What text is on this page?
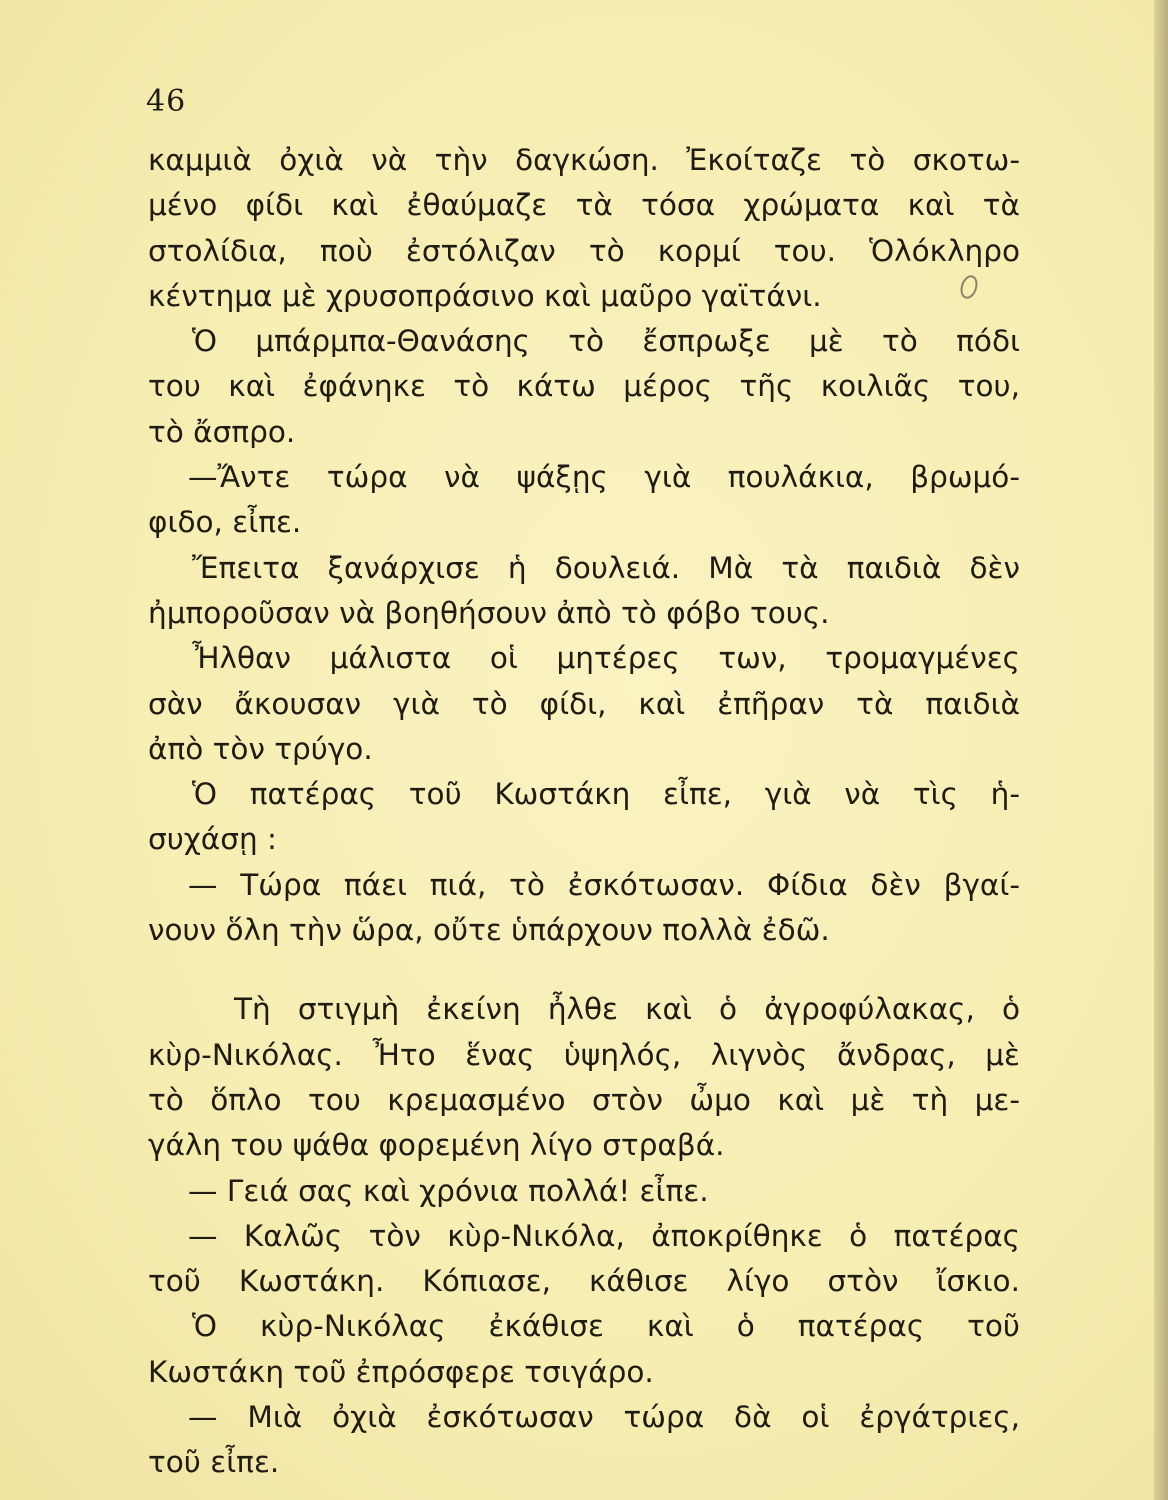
46
καμμιὰ ὀχιὰ νὰ τὴν δαγκώση. Ἐκοίταζε τὸ σκοτω-
μένο φίδι καὶ ἐθαύμαζε τὰ τόσα χρώματα καὶ τὰ
στολίδια, ποὺ ἐστόλιζαν τὸ κορμί του. Ὁλόκληρο
κέντημα μὲ χρυσοπράσινο καὶ μαῦρο γαϊτάνι.
Ὁ μπάρμπα-Θανάσης τὸ ἔσπρωξε μὲ τὸ πόδι
του καὶ ἐφάνηκε τὸ κάτω μέρος τῆς κοιλιᾶς του,
τὸ ἄσπρο.
—Ἄντε τώρα νὰ ψάξῃς γιὰ πουλάκια, βρωμό-
φιδο, εἶπε.
Ἔπειτα ξανάρχισε ἡ δουλειά. Μὰ τὰ παιδιὰ δὲν
ἠμποροῦσαν νὰ βοηθήσουν ἀπὸ τὸ φόβο τους.
Ἦλθαν μάλιστα οἱ μητέρες των, τρομαγμένες
σὰν ἄκουσαν γιὰ τὸ φίδι, καὶ ἐπῆραν τὰ παιδιὰ
ἀπὸ τὸν τρύγο.
Ὁ πατέρας τοῦ Κωστάκη εἶπε, γιὰ νὰ τὶς ἡ-
συχάσῃ :
— Τώρα πάει πιά, τὸ ἐσκότωσαν. Φίδια δὲν βγαί-
νουν ὅλη τὴν ὥρα, οὔτε ὑπάρχουν πολλὰ ἐδῶ.
Τὴ στιγμὴ ἐκείνη ἦλθε καὶ ὁ ἀγροφύλακας, ὁ
κὺρ-Νικόλας. Ἦτο ἕνας ὑψηλός, λιγνὸς ἄνδρας, μὲ
τὸ ὅπλο του κρεμασμένο στὸν ὦμο καὶ μὲ τὴ με-
γάλη του ψάθα φορεμένη λίγο στραβά.
— Γειά σας καὶ χρόνια πολλά! εἶπε.
— Καλῶς τὸν κὺρ-Νικόλα, ἀποκρίθηκε ὁ πατέρας
τοῦ Κωστάκη. Κόπιασε, κάθισε λίγο στὸν ἴσκιο.
Ὁ κὺρ-Νικόλας ἐκάθισε καὶ ὁ πατέρας τοῦ
Κωστάκη τοῦ ἐπρόσφερε τσιγάρο.
— Μιὰ ὀχιὰ ἐσκότωσαν τώρα δὰ οἱ ἐργάτριες,
τοῦ εἶπε.
